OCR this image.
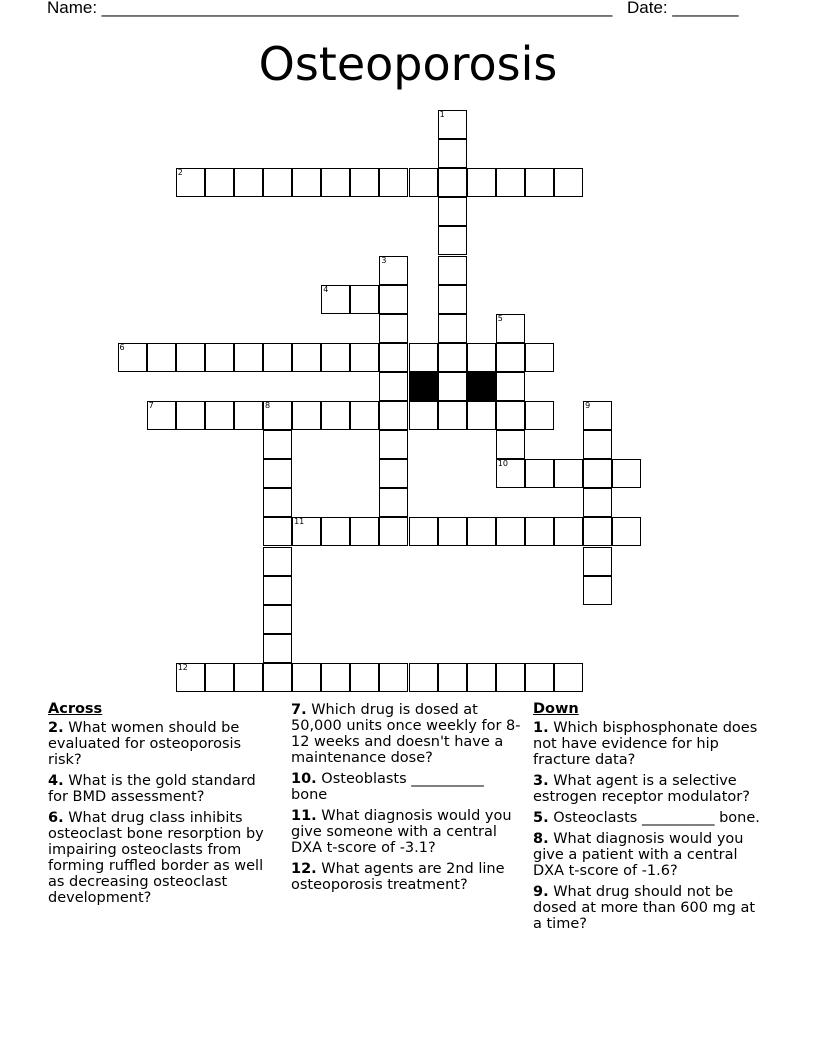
Name: ______________________________________________________ Date: _______
Osteoporosis
1
2
3
4
5
10
6
7	8	9
11
12
Across
2. What women should be evaluated for osteoporosis risk?
4. What is the gold standard for BMD assessment?
6. What drug class inhibits osteoclast bone resorption by impairing osteoclasts from forming ruffled border as well as decreasing osteoclast development?
7. Which drug is dosed at 50,000 units once weekly for 8-12 weeks and doesn't have a maintenance dose?
10. Osteoblasts __________ bone
11. What diagnosis would you give someone with a central DXA t-score of -3.1?
12. What agents are 2nd line osteoporosis treatment?
Down
1. Which bisphosphonate does not have evidence for hip fracture data?
3. What agent is a selective estrogen receptor modulator?
5. Osteoclasts __________ bone.
8. What diagnosis would you give a patient with a central DXA t-score of -1.6?
9. What drug should not be dosed at more than 600 mg at a time?
